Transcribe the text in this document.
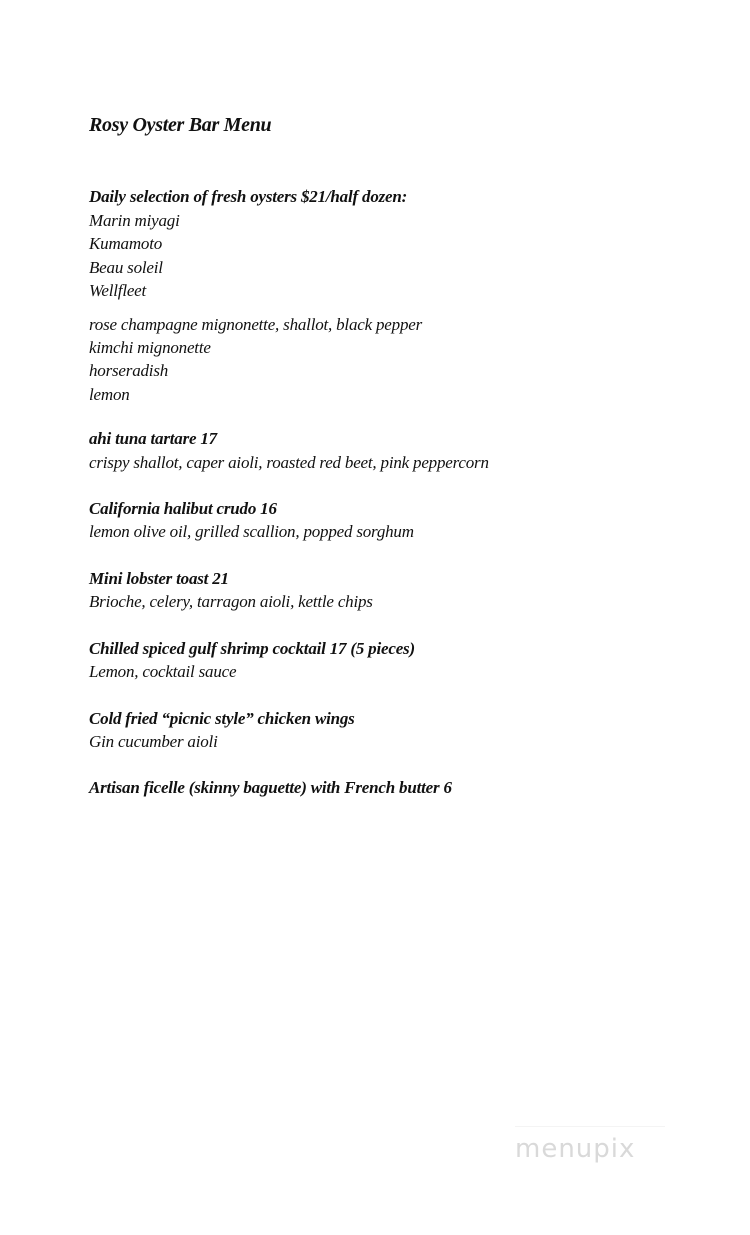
Rosy Oyster Bar Menu
Daily selection of fresh oysters $21/half dozen:
Marin miyagi
Kumamoto
Beau soleil
Wellfleet
rose champagne mignonette, shallot, black pepper
kimchi mignonette
horseradish
lemon
ahi tuna tartare 17
crispy shallot, caper aioli, roasted red beet, pink peppercorn
California halibut crudo 16
lemon olive oil, grilled scallion, popped sorghum
Mini lobster toast 21
Brioche, celery, tarragon aioli, kettle chips
Chilled spiced gulf shrimp cocktail 17 (5 pieces)
Lemon, cocktail sauce
Cold fried “picnic style” chicken wings
Gin cucumber aioli
Artisan ficelle (skinny baguette) with French butter 6
menupix
